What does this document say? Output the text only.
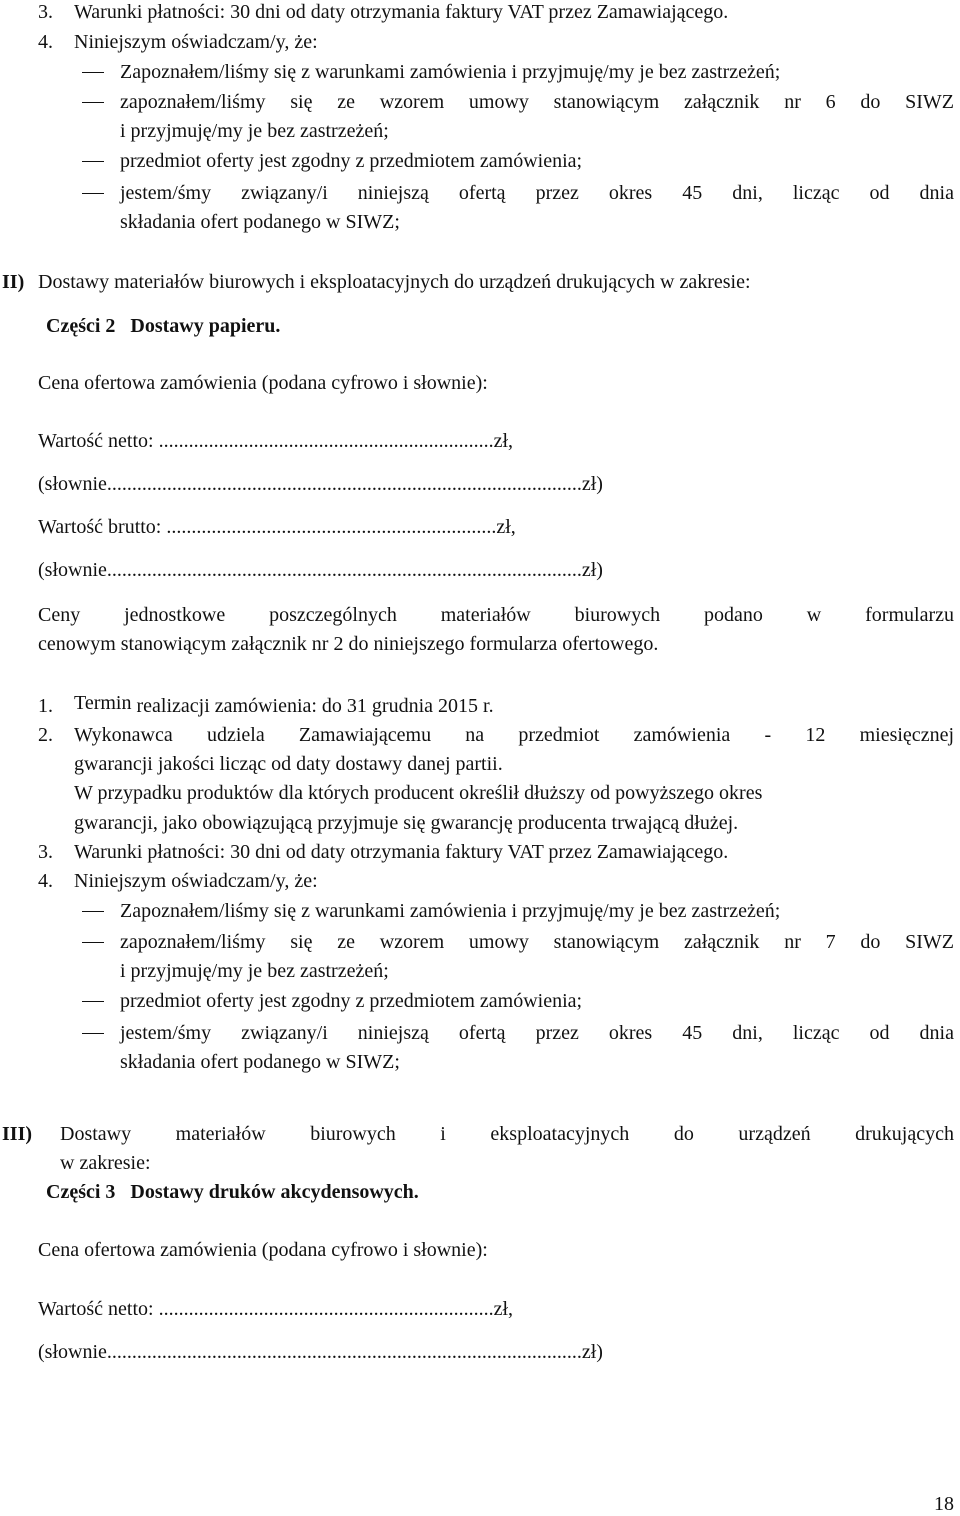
3. Warunki płatności: 30 dni od daty otrzymania faktury VAT przez Zamawiającego.
4. Niniejszym oświadczam/y, że:
Zapoznałem/liśmy się z warunkami zamówienia i przyjmuję/my je bez zastrzeżeń;
zapoznałem/liśmy się ze wzorem umowy stanowiącym załącznik nr 6 do SIWZ
i przyjmuję/my je bez zastrzeżeń;
przedmiot oferty jest zgodny z przedmiotem zamówienia;
jestem/śmy związany/i niniejszą ofertą przez okres 45 dni, licząc od dnia
składania ofert podanego w SIWZ;
II) Dostawy materiałów biurowych i eksploatacyjnych do urządzeń drukujących w zakresie:
Części 2 Dostawy papieru.
Cena ofertowa zamówienia (podana cyfrowo i słownie):
Wartość netto: ...................................................................zł,
(słownie...............................................................................................zł)
Wartość brutto: ..................................................................zł,
(słownie...............................................................................................zł)
Ceny jednostkowe poszczególnych materiałów biurowych podano w formularzu
cenowym stanowiącym załącznik nr 2 do niniejszego formularza ofertowego.
1. Termin realizacji zamówienia: do 31 grudnia 2015 r.
2. Wykonawca udziela Zamawiającemu na przedmiot zamówienia - 12 miesięcznej
gwarancji jakości licząc od daty dostawy danej partii.
W przypadku produktów dla których producent określił dłuższy od powyższego okres
gwarancji, jako obowiązującą przyjmuje się gwarancję producenta trwającą dłużej.
3. Warunki płatności: 30 dni od daty otrzymania faktury VAT przez Zamawiającego.
4. Niniejszym oświadczam/y, że:
Zapoznałem/liśmy się z warunkami zamówienia i przyjmuję/my je bez zastrzeżeń;
zapoznałem/liśmy się ze wzorem umowy stanowiącym załącznik nr 7 do SIWZ
i przyjmuję/my je bez zastrzeżeń;
przedmiot oferty jest zgodny z przedmiotem zamówienia;
jestem/śmy związany/i niniejszą ofertą przez okres 45 dni, licząc od dnia
składania ofert podanego w SIWZ;
III) Dostawy materiałów biurowych i eksploatacyjnych do urządzeń drukujących
w zakresie:
Części 3 Dostawy druków akcydensowych.
Cena ofertowa zamówienia (podana cyfrowo i słownie):
Wartość netto: ...................................................................zł,
(słownie...............................................................................................zł)
18
